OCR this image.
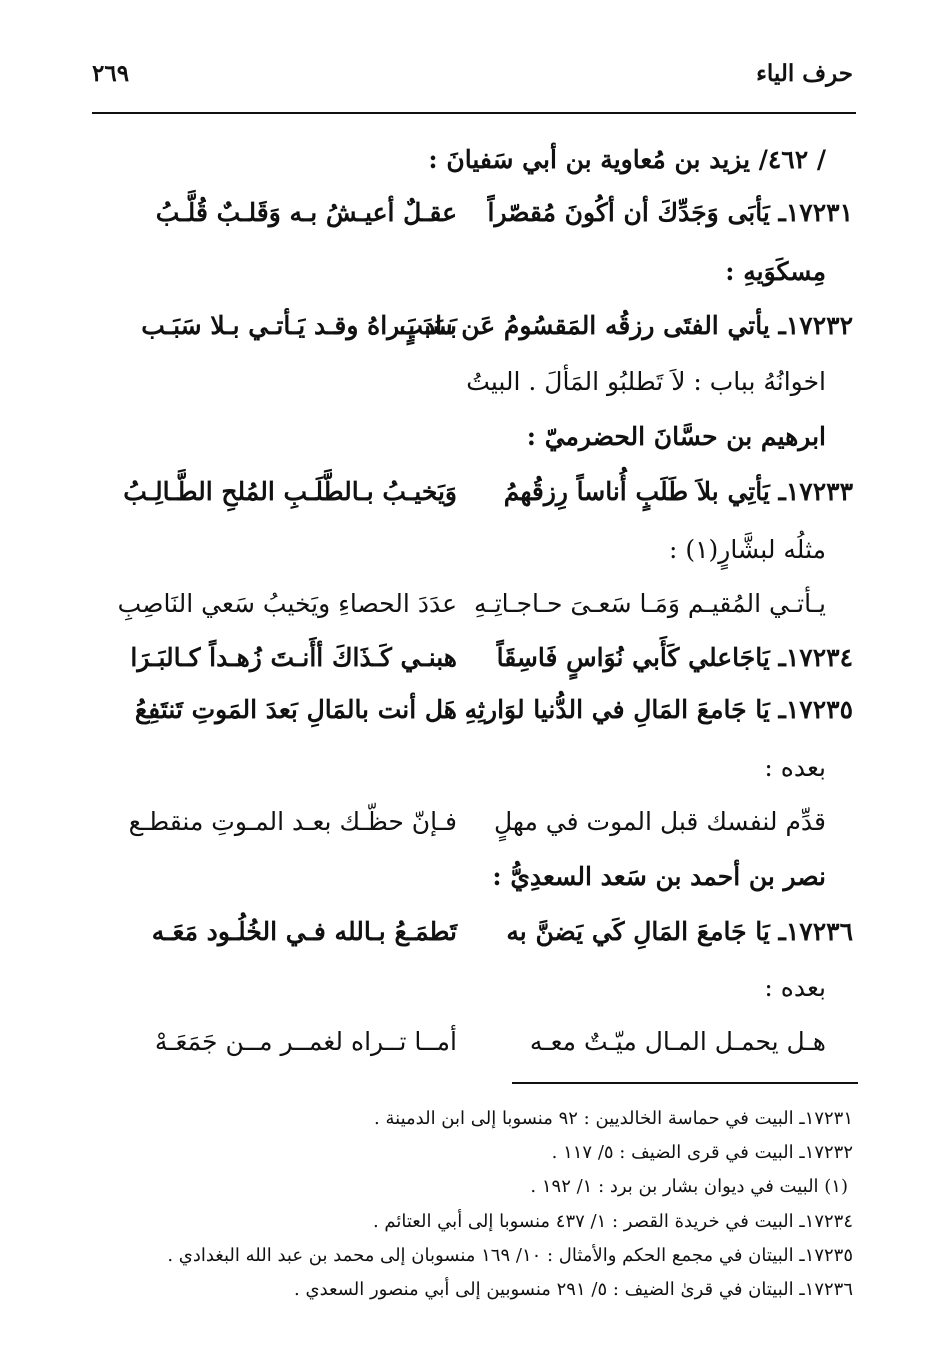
حرف الياء
٢٦٩
/ ٤٦٢/ يزيد بن مُعاوية بن أبي سَفيانَ :
١٧٢٣١ـ يَأبَى وَجَدِّكَ أن أكُونَ مُقصّراً
عقـلٌ أعيـشُ بـه وَقَلـبٌ قُلَّـبُ
مِسكَوَيهِ :
١٧٢٣٢ـ يأتي الفتَى رزقُه المَقسُومُ عَن سَبَبٍ
بَـاد يَـراهُ وقـد يَـأتـي بـلا سَبَـب
اخوانُهُ بباب : لاَ تَطلبُو المَألَ . البيتُ
ابرهيم بن حسَّانَ الحضرميّ :
١٧٢٣٣ـ يَأتِي بلاَ طَلَبٍ أُناساً رِزقُهمُ
وَيَخيـبُ بـالطَّلَـبِ المُلحِ الطَّـالِـبُ
مثلُه لبشَّارٍ(١) :
يـأتـي المُقيـم وَمَـا سَعـىَ حـاجـاتِـهِ
عدَدَ الحصاءِ ويَخيبُ سَعي النَاصِبِ
١٧٢٣٤ـ يَاجَاعلي كَأَبي نُوَاسٍ فَاسِقَاً
هبنـي كَـذَاكَ أأَنـتَ زُهـداً كـالبَـرَا
١٧٢٣٥ـ يَا جَامعَ المَالِ في الدُّنيا لوَارثِهِ
هَل أنت بالمَالِ بَعدَ المَوتِ تَنتَفِعُ
بعده :
قدِّم لنفسك قبل الموت في مهلٍ
فـإنّ حظّـك بعـد المـوتِ منقطـع
نصر بن أحمد بن سَعد السعدِيُّ :
١٧٢٣٦ـ يَا جَامعَ المَالِ كَي يَضنَّ به
تَطمَـعُ بـالله فـي الخُلُـود مَعَـه
بعده :
هـل يحمـل المـال ميّـتٌ معـه
أمــا تــراه لغمــر مــن جَمَعَـهْ
١٧٢٣١ـ البيت في حماسة الخالديين : ٩٢ منسوبا إلى ابن الدمينة .
١٧٢٣٢ـ البيت في قرى الضيف : ٥/ ١١٧ .
(١) البيت في ديوان بشار بن برد : ١/ ١٩٢ .
١٧٢٣٤ـ البيت في خريدة القصر : ١/ ٤٣٧ منسوبا إلى أبي العتائم .
١٧٢٣٥ـ البيتان في مجمع الحكم والأمثال : ١٠/ ١٦٩ منسوبان إلى محمد بن عبد الله البغدادي .
١٧٢٣٦ـ البيتان في قرىٰ الضيف : ٥/ ٢٩١ منسوبين إلى أبي منصور السعدي .
